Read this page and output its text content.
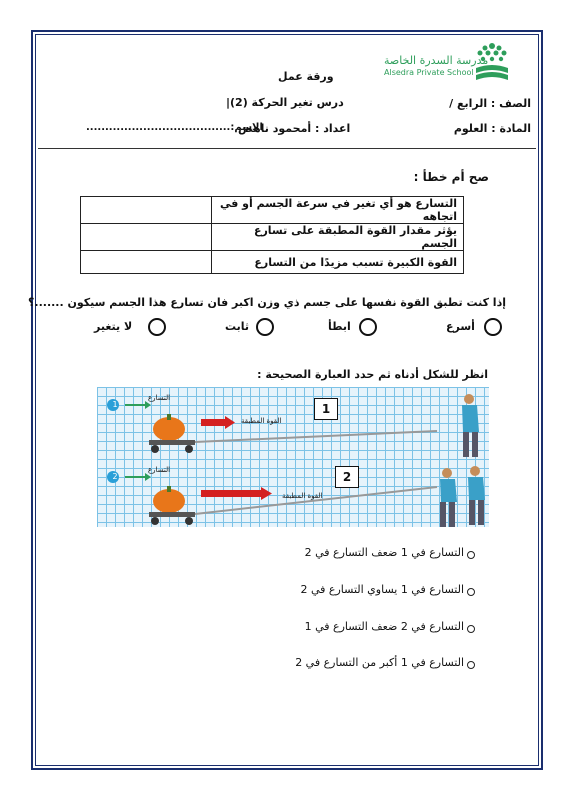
مدرسة السدرة الخاصة
Alsedra Private School
ورقة عمل
الصف : الرابع /
درس تغير الحركة (2)|
المادة : العلوم
اعداد : أمحمود ناهض
الاسم:......................................
صح أم خطأ :
التسارع هو أي تغير في سرعة الجسم أو في اتجاهه	
يؤثر مقدار القوة المطبقة على تسارع الجسم	
القوة الكبيرة تسبب مزيدًا من التسارع	
إذا كنت تطبق القوة نفسها على جسم ذي وزن اكبر فان تسارع هذا الجسم سيكون .......؟
أسرع
ابطأ
ثابت
لا يتغير
انظر للشكل أدناه ثم حدد العبارة الصحيحة :
1
2
التسارع
التسارع
القوة المطبقة
القوة المطبقة
1
2
التسارع في 1 ضعف التسارع في 2
التسارع في 1 يساوي التسارع في 2
التسارع في 2 ضعف التسارع في 1
التسارع في 1 أكبر من التسارع في 2
